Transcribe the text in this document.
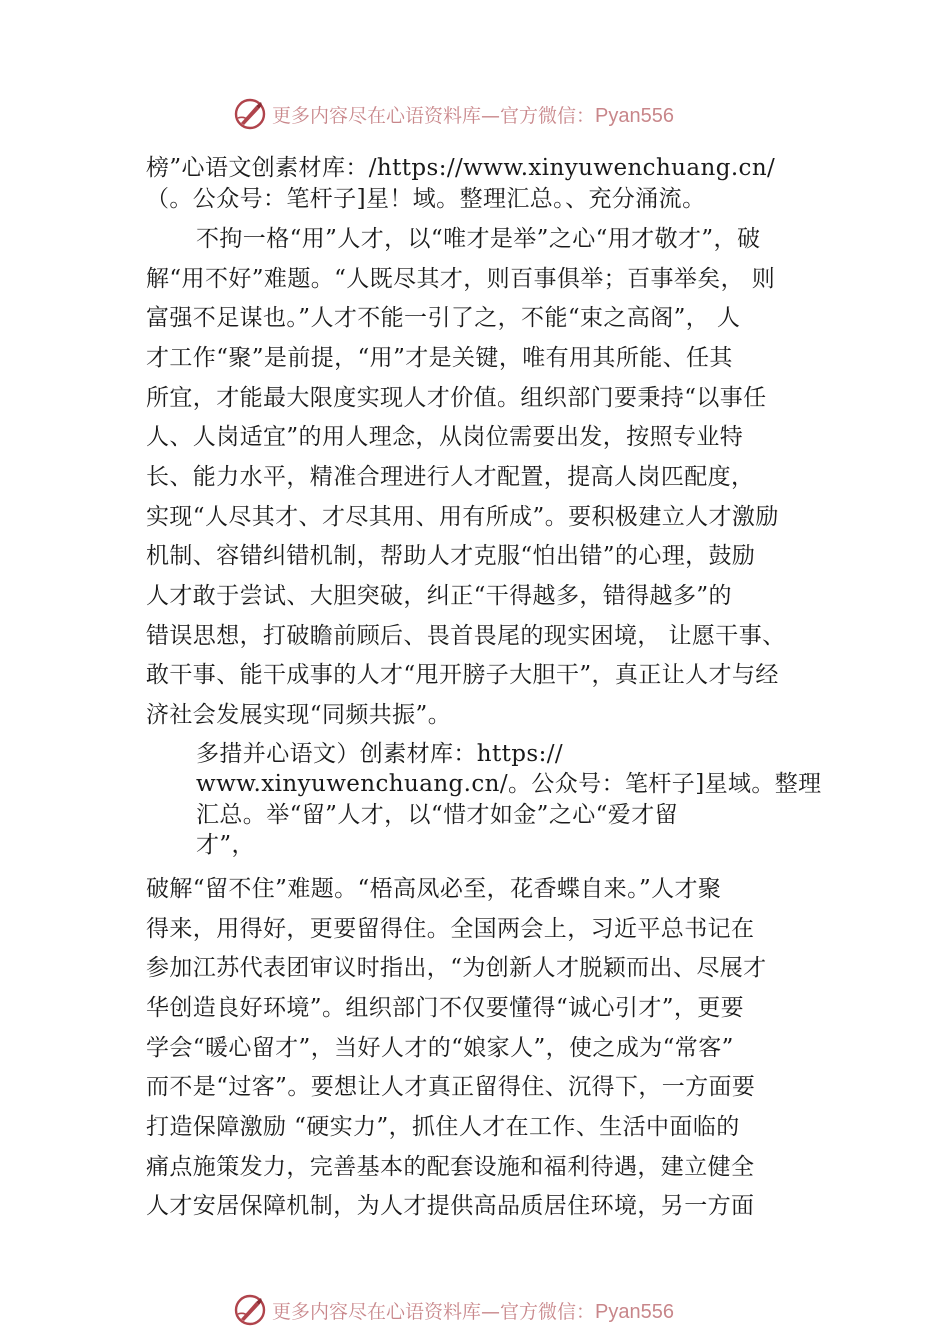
更多内容尽在心语资料库—官方微信：Pyan556
榜”心语文创素材库：/https://www.xinyuwenchuang.cn/
（。公众号：笔杆子]星！域。整理汇总。、充分涌流。
不拘一格“用”人才，以“唯才是举”之心“用才敬才”，破
解“用不好”难题。“人既尽其才，则百事俱举；百事举矣， 则
富强不足谋也。”人才不能一引了之，不能“束之高阁”， 人
才工作“聚”是前提，“用”才是关键，唯有用其所能、任其
所宜，才能最大限度实现人才价值。组织部门要秉持“以事任
人、人岗适宜”的用人理念，从岗位需要出发，按照专业特
长、能力水平，精准合理进行人才配置，提高人岗匹配度，
实现“人尽其才、才尽其用、用有所成”。要积极建立人才激励
机制、容错纠错机制，帮助人才克服“怕出错”的心理，鼓励
人才敢于尝试、大胆突破，纠正“干得越多，错得越多”的
错误思想，打破瞻前顾后、畏首畏尾的现实困境， 让愿干事、
敢干事、能干成事的人才“甩开膀子大胆干”，真正让人才与经
济社会发展实现“同频共振”。
多措并心语文）创素材库：https://
www.xinyuwenchuang.cn/。公众号：笔杆子]星域。整理
汇总。举“留”人才，以“惜才如金”之心“爱才留
才”，
破解“留不住”难题。“梧高凤必至，花香蝶自来。”人才聚
得来，用得好，更要留得住。全国两会上，习近平总书记在
参加江苏代表团审议时指出，“为创新人才脱颖而出、尽展才
华创造良好环境”。组织部门不仅要懂得“诚心引才”，更要
学会“暖心留才”，当好人才的“娘家人”，使之成为“常客”
而不是“过客”。要想让人才真正留得住、沉得下，一方面要
打造保障激励 “硬实力”，抓住人才在工作、生活中面临的
痛点施策发力，完善基本的配套设施和福利待遇，建立健全
人才安居保障机制，为人才提供高品质居住环境，另一方面
更多内容尽在心语资料库—官方微信：Pyan556
